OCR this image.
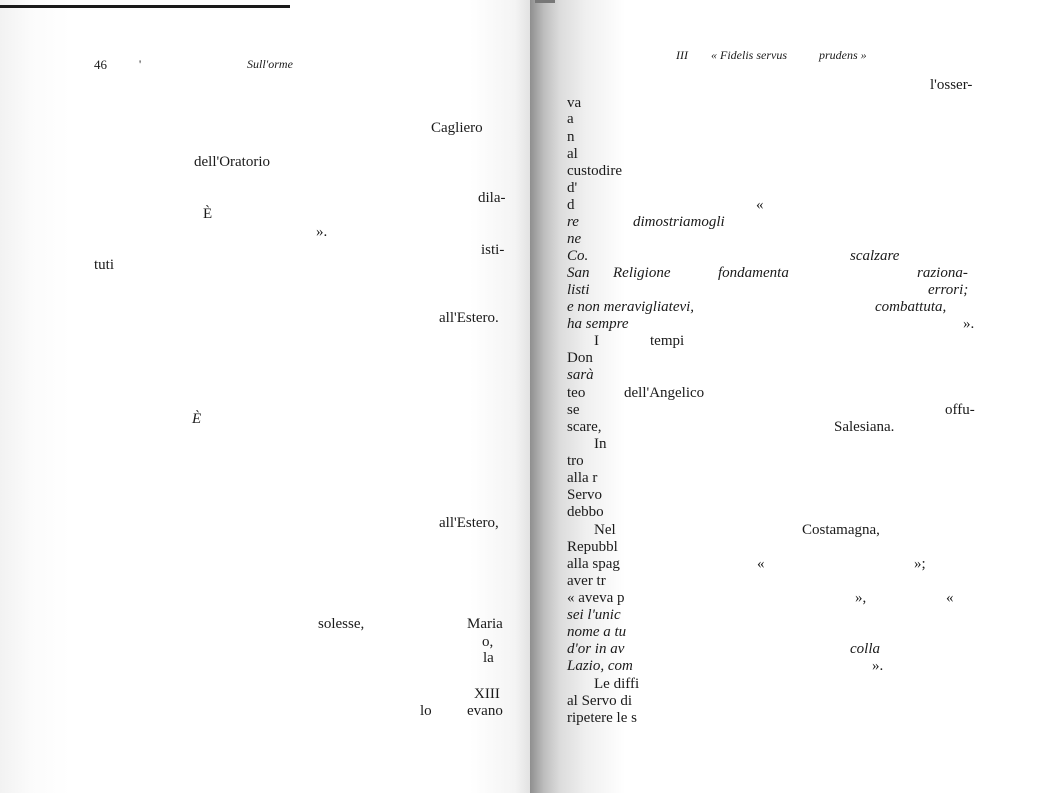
46	'	Sull'orme

Cagliero

dell'Oratorio

dila-

È

».

isti-

tuti

all'Estero.

È

all'Estero,

solesse,	Maria

o,

la

XIII

lo evano

III « Fidelis servus	prudens »

l'osser-

va

a

n

al

custodire

d'

d	«

re	dimostriamogli

ne

Co.	scalzare

San Religione	fondamenta	raziona-

listi	errori;

e non meravigliatevi,	combattuta,

ha sempre	».

I	tempi

Don

sarà

teo	dell'Angelico

se	offu-

scare,	Salesiana.

In

tro

alla r

Servo

debbo

Nel	Costamagna,

Repubbl

alla spag	«	»;

aver tr

« aveva p	»,	«

sei l'unic

nome a tu

d'or in av	colla

Lazio, com	».

Le diffi

al Servo di

ripetere le s
